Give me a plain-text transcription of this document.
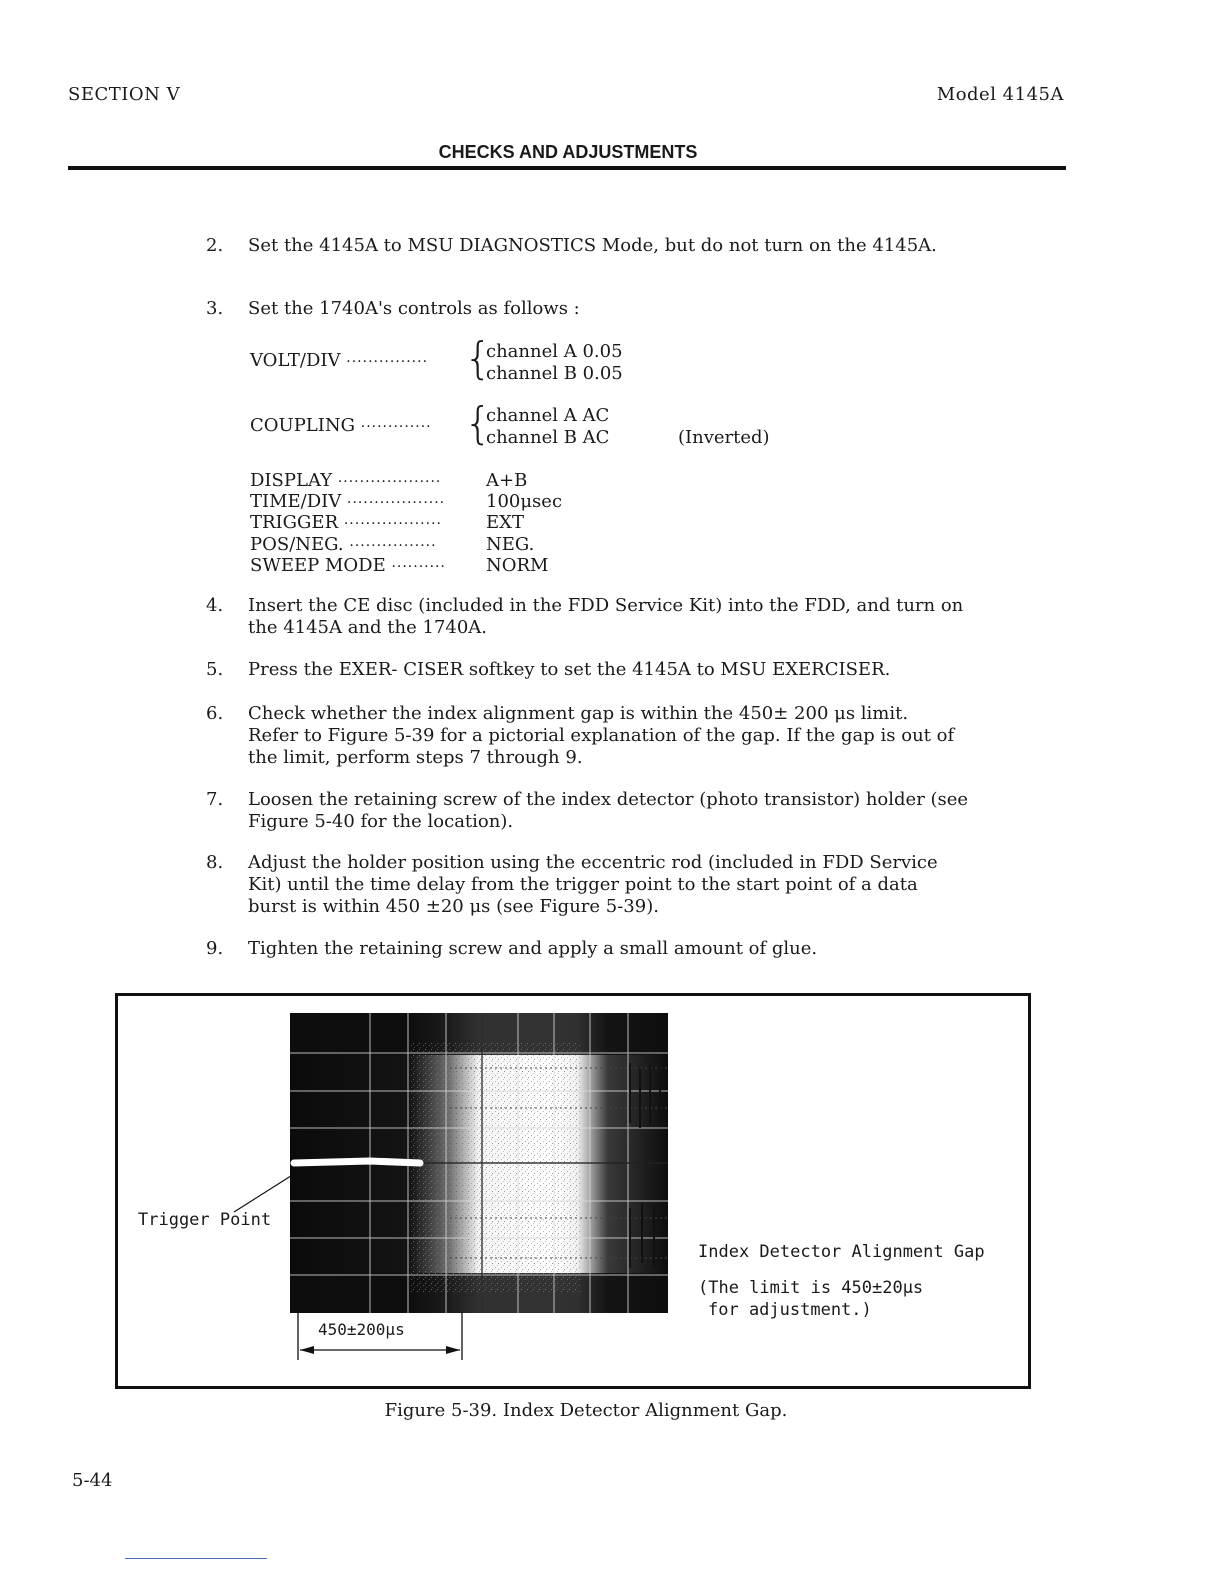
SECTION V	Model 4145A
CHECKS AND ADJUSTMENTS
2.	Set the 4145A to MSU DIAGNOSTICS Mode, but do not turn on the 4145A.
3.	Set the 1740A's controls as follows :
VOLT/DIV ··············· {
channel A 0.05
channel B 0.05
COUPLING ············· {
channel A AC
channel B AC	(Inverted)
DISPLAY ··················· A+B
TIME/DIV ·················· 100μsec
TRIGGER ·················· EXT
POS/NEG. ················	NEG.
SWEEP MODE ·········· NORM
4.	Insert the CE disc (included in the FDD Service Kit) into the FDD, and turn on
the 4145A and the 1740A.
5.	Press the EXER- CISER softkey to set the 4145A to MSU EXERCISER.
6.	Check whether the index alignment gap is within the 450± 200 μs limit.
Refer to Figure 5-39 for a pictorial explanation of the gap. If the gap is out of
the limit, perform steps 7 through 9.
7.	Loosen the retaining screw of the index detector (photo transistor) holder (see
Figure 5-40 for the location).
8.	Adjust the holder position using the eccentric rod (included in FDD Service
Kit) until the time delay from the trigger point to the start point of a data
burst is within 450 ±20 μs (see Figure 5-39).
9.	Tighten the retaining screw and apply a small amount of glue.
Trigger Point
Index Detector Alignment Gap
(The limit is 450±20μs
for adjustment.)
450±200μs
Figure 5-39. Index Detector Alignment Gap.
5-44
